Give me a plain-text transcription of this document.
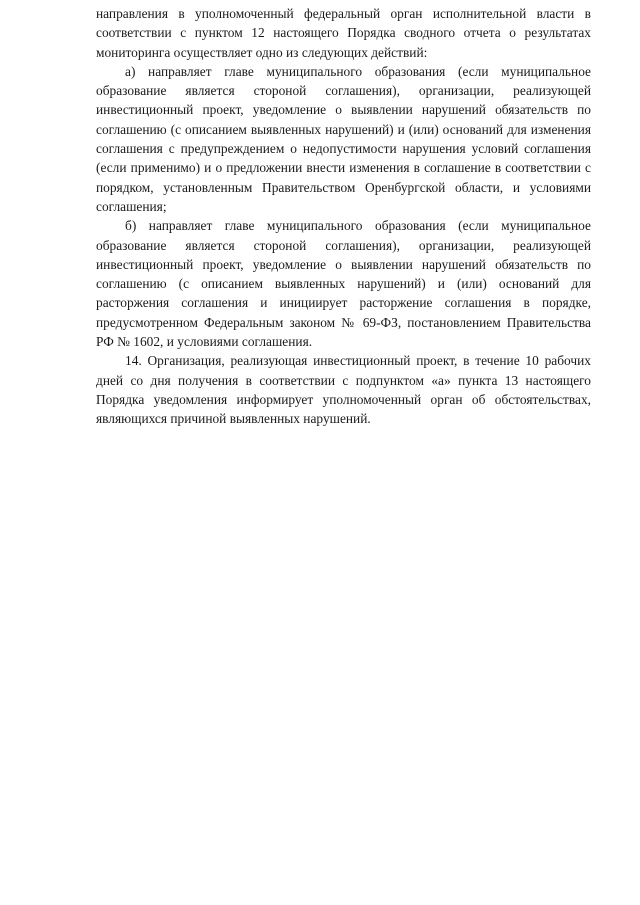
направления в уполномоченный федеральный орган исполнительной власти в соответствии с пунктом 12 настоящего Порядка сводного отчета о результатах мониторинга осуществляет одно из следующих действий:

а) направляет главе муниципального образования (если муниципальное образование является стороной соглашения), организации, реализующей инвестиционный проект, уведомление о выявлении нарушений обязательств по соглашению (с описанием выявленных нарушений) и (или) оснований для изменения соглашения с предупреждением о недопустимости нарушения условий соглашения (если применимо) и о предложении внести изменения в соглашение в соответствии с порядком, установленным Правительством Оренбургской области, и условиями соглашения;

б) направляет главе муниципального образования (если муниципальное образование является стороной соглашения), организации, реализующей инвестиционный проект, уведомление о выявлении нарушений обязательств по соглашению (с описанием выявленных нарушений) и (или) оснований для расторжения соглашения и инициирует расторжение соглашения в порядке, предусмотренном Федеральным законом № 69-ФЗ, постановлением Правительства РФ № 1602, и условиями соглашения.

14. Организация, реализующая инвестиционный проект, в течение 10 рабочих дней со дня получения в соответствии с подпунктом «а» пункта 13 настоящего Порядка уведомления информирует уполномоченный орган об обстоятельствах, являющихся причиной выявленных нарушений.
